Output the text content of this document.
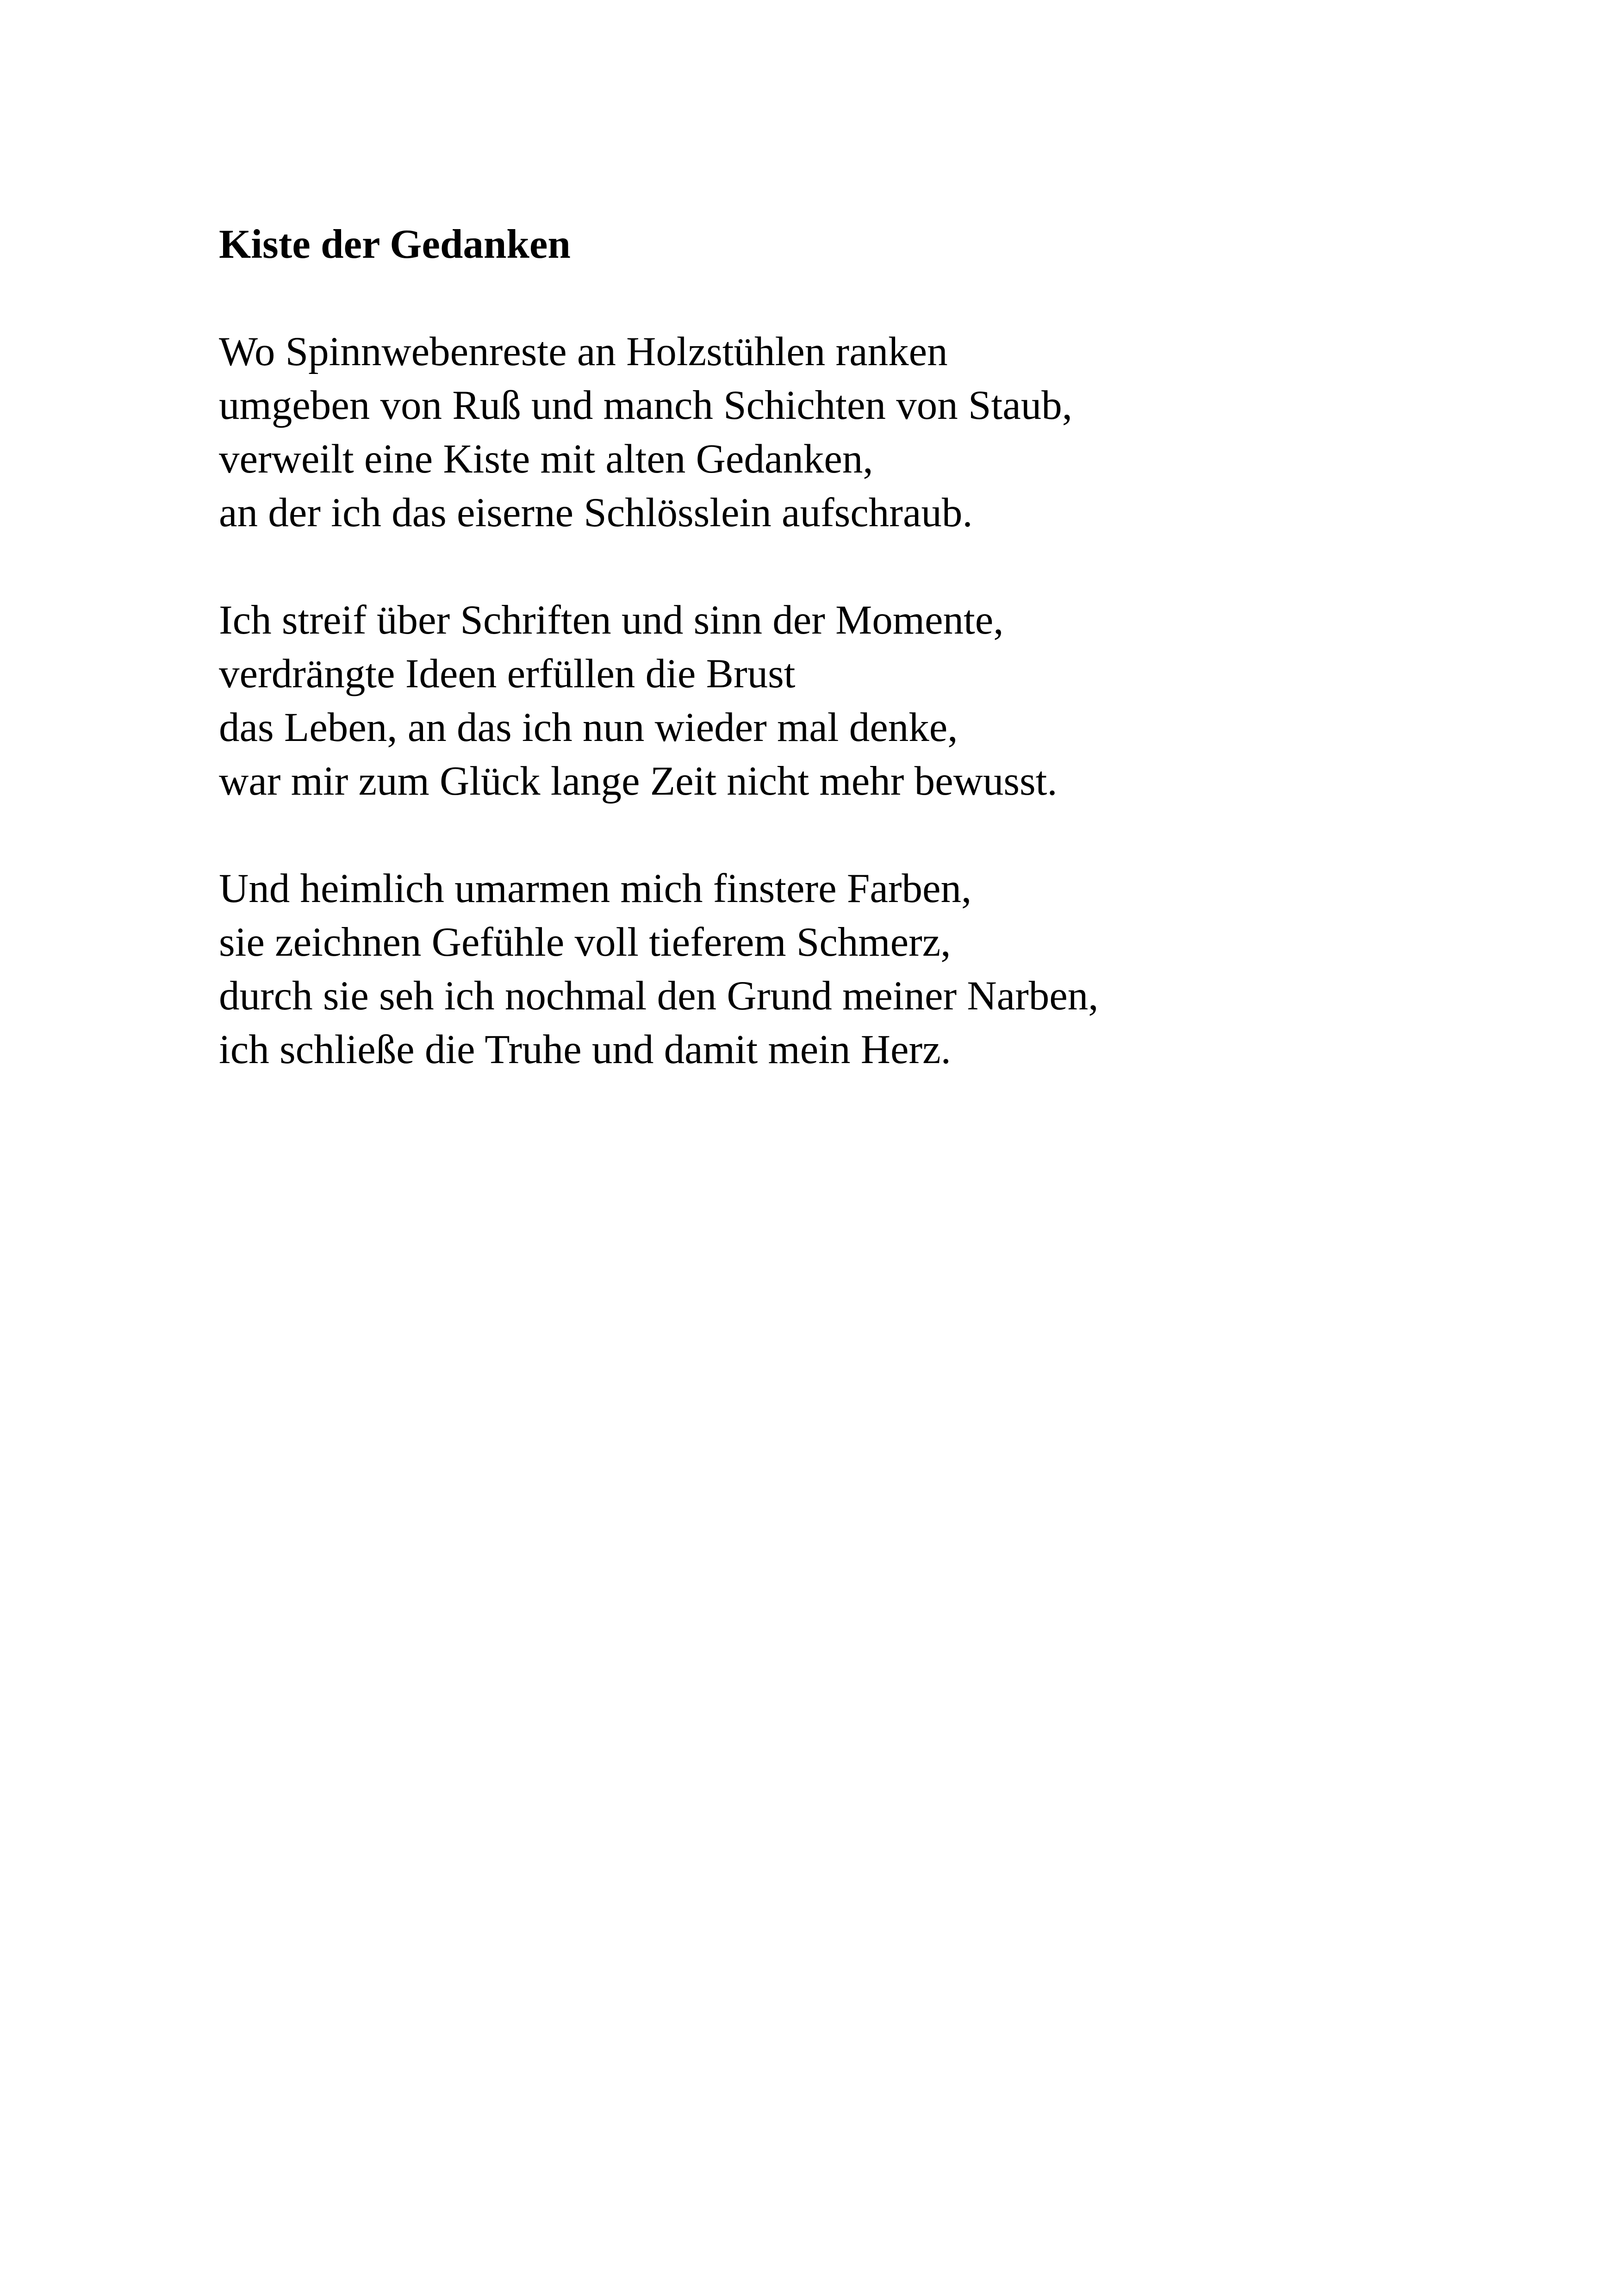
Kiste der Gedanken
Wo Spinnwebenreste an Holzstühlen ranken
umgeben von Ruß und manch Schichten von Staub,
verweilt eine Kiste mit alten Gedanken,
an der ich das eiserne Schlösslein aufschraub.
Ich streif über Schriften und sinn der Momente,
verdrängte Ideen erfüllen die Brust
das Leben, an das ich nun wieder mal denke,
war mir zum Glück lange Zeit nicht mehr bewusst.
Und heimlich umarmen mich finstere Farben,
sie zeichnen Gefühle voll tieferem Schmerz,
durch sie seh ich nochmal den Grund meiner Narben,
ich schließe die Truhe und damit mein Herz.
